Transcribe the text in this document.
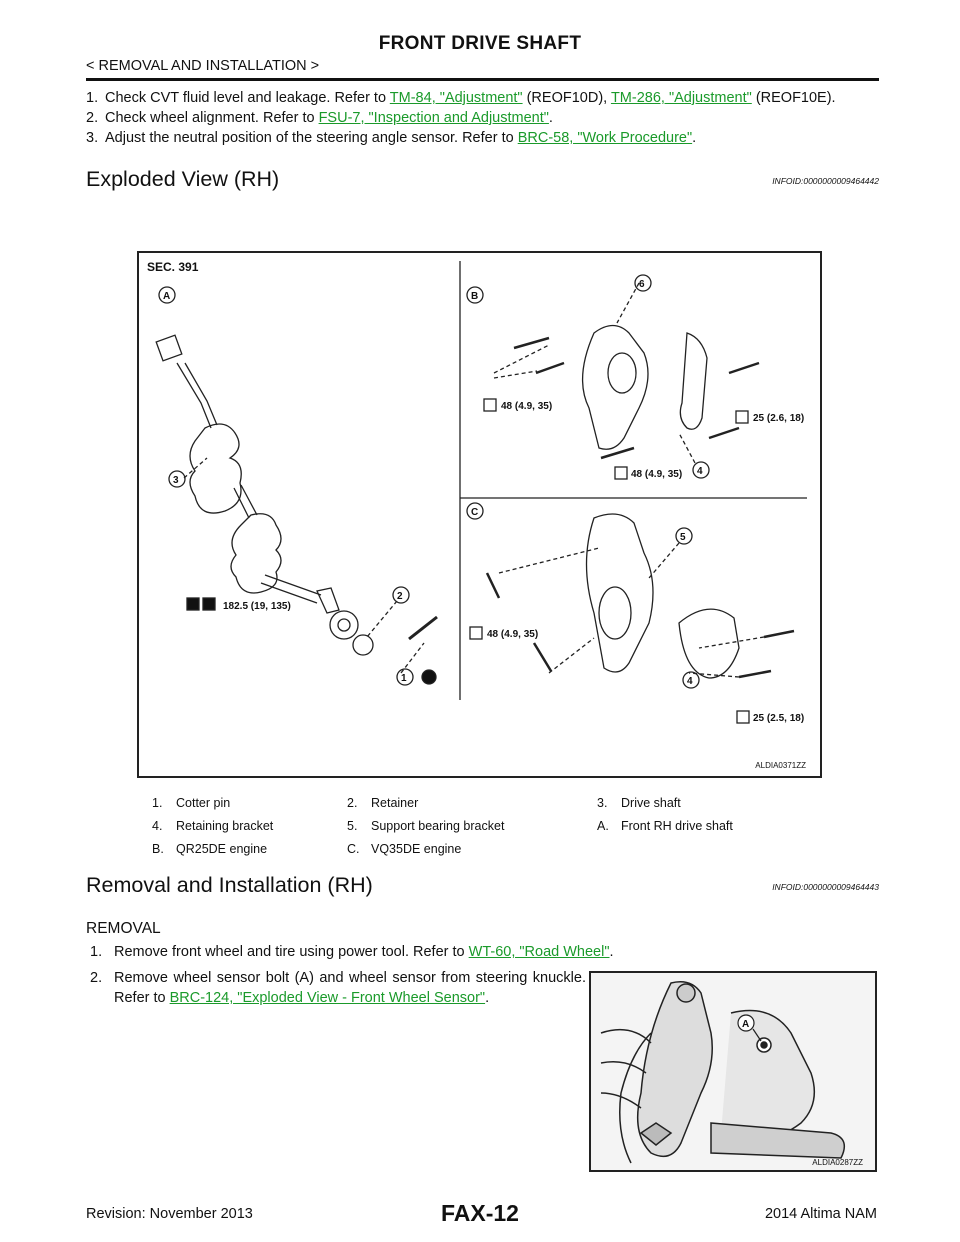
FRONT DRIVE SHAFT
< REMOVAL AND INSTALLATION >
1. Check CVT fluid level and leakage. Refer to TM-84, "Adjustment" (REOF10D), TM-286, "Adjustment" (REOF10E).
2. Check wheel alignment. Refer to FSU-7, "Inspection and Adjustment".
3. Adjust the neutral position of the steering angle sensor. Refer to BRC-58, "Work Procedure".
Exploded View (RH)	INFOID:0000000009464442
SEC. 391
A
3
2
1
182.5 (19, 135)
B
6
4
48 (4.9, 35)
25 (2.6, 18)
48 (4.9, 35)
C
5
4
48 (4.9, 35)
25 (2.5, 18)
ALDIA0371ZZ
1.	Cotter pin	2.	Retainer	3.	Drive shaft
4.	Retaining bracket	5.	Support bearing bracket	A. Front RH drive shaft
B. QR25DE engine	C. VQ35DE engine
Removal and Installation (RH)	INFOID:0000000009464443
REMOVAL
1. Remove front wheel and tire using power tool. Refer to WT-60, "Road Wheel".
2. Remove wheel sensor bolt (A) and wheel sensor from steering knuckle. Refer to BRC-124, "Exploded View - Front Wheel Sensor".
A
ALDIA0287ZZ
Revision: November 2013	FAX-12	2014 Altima NAM
